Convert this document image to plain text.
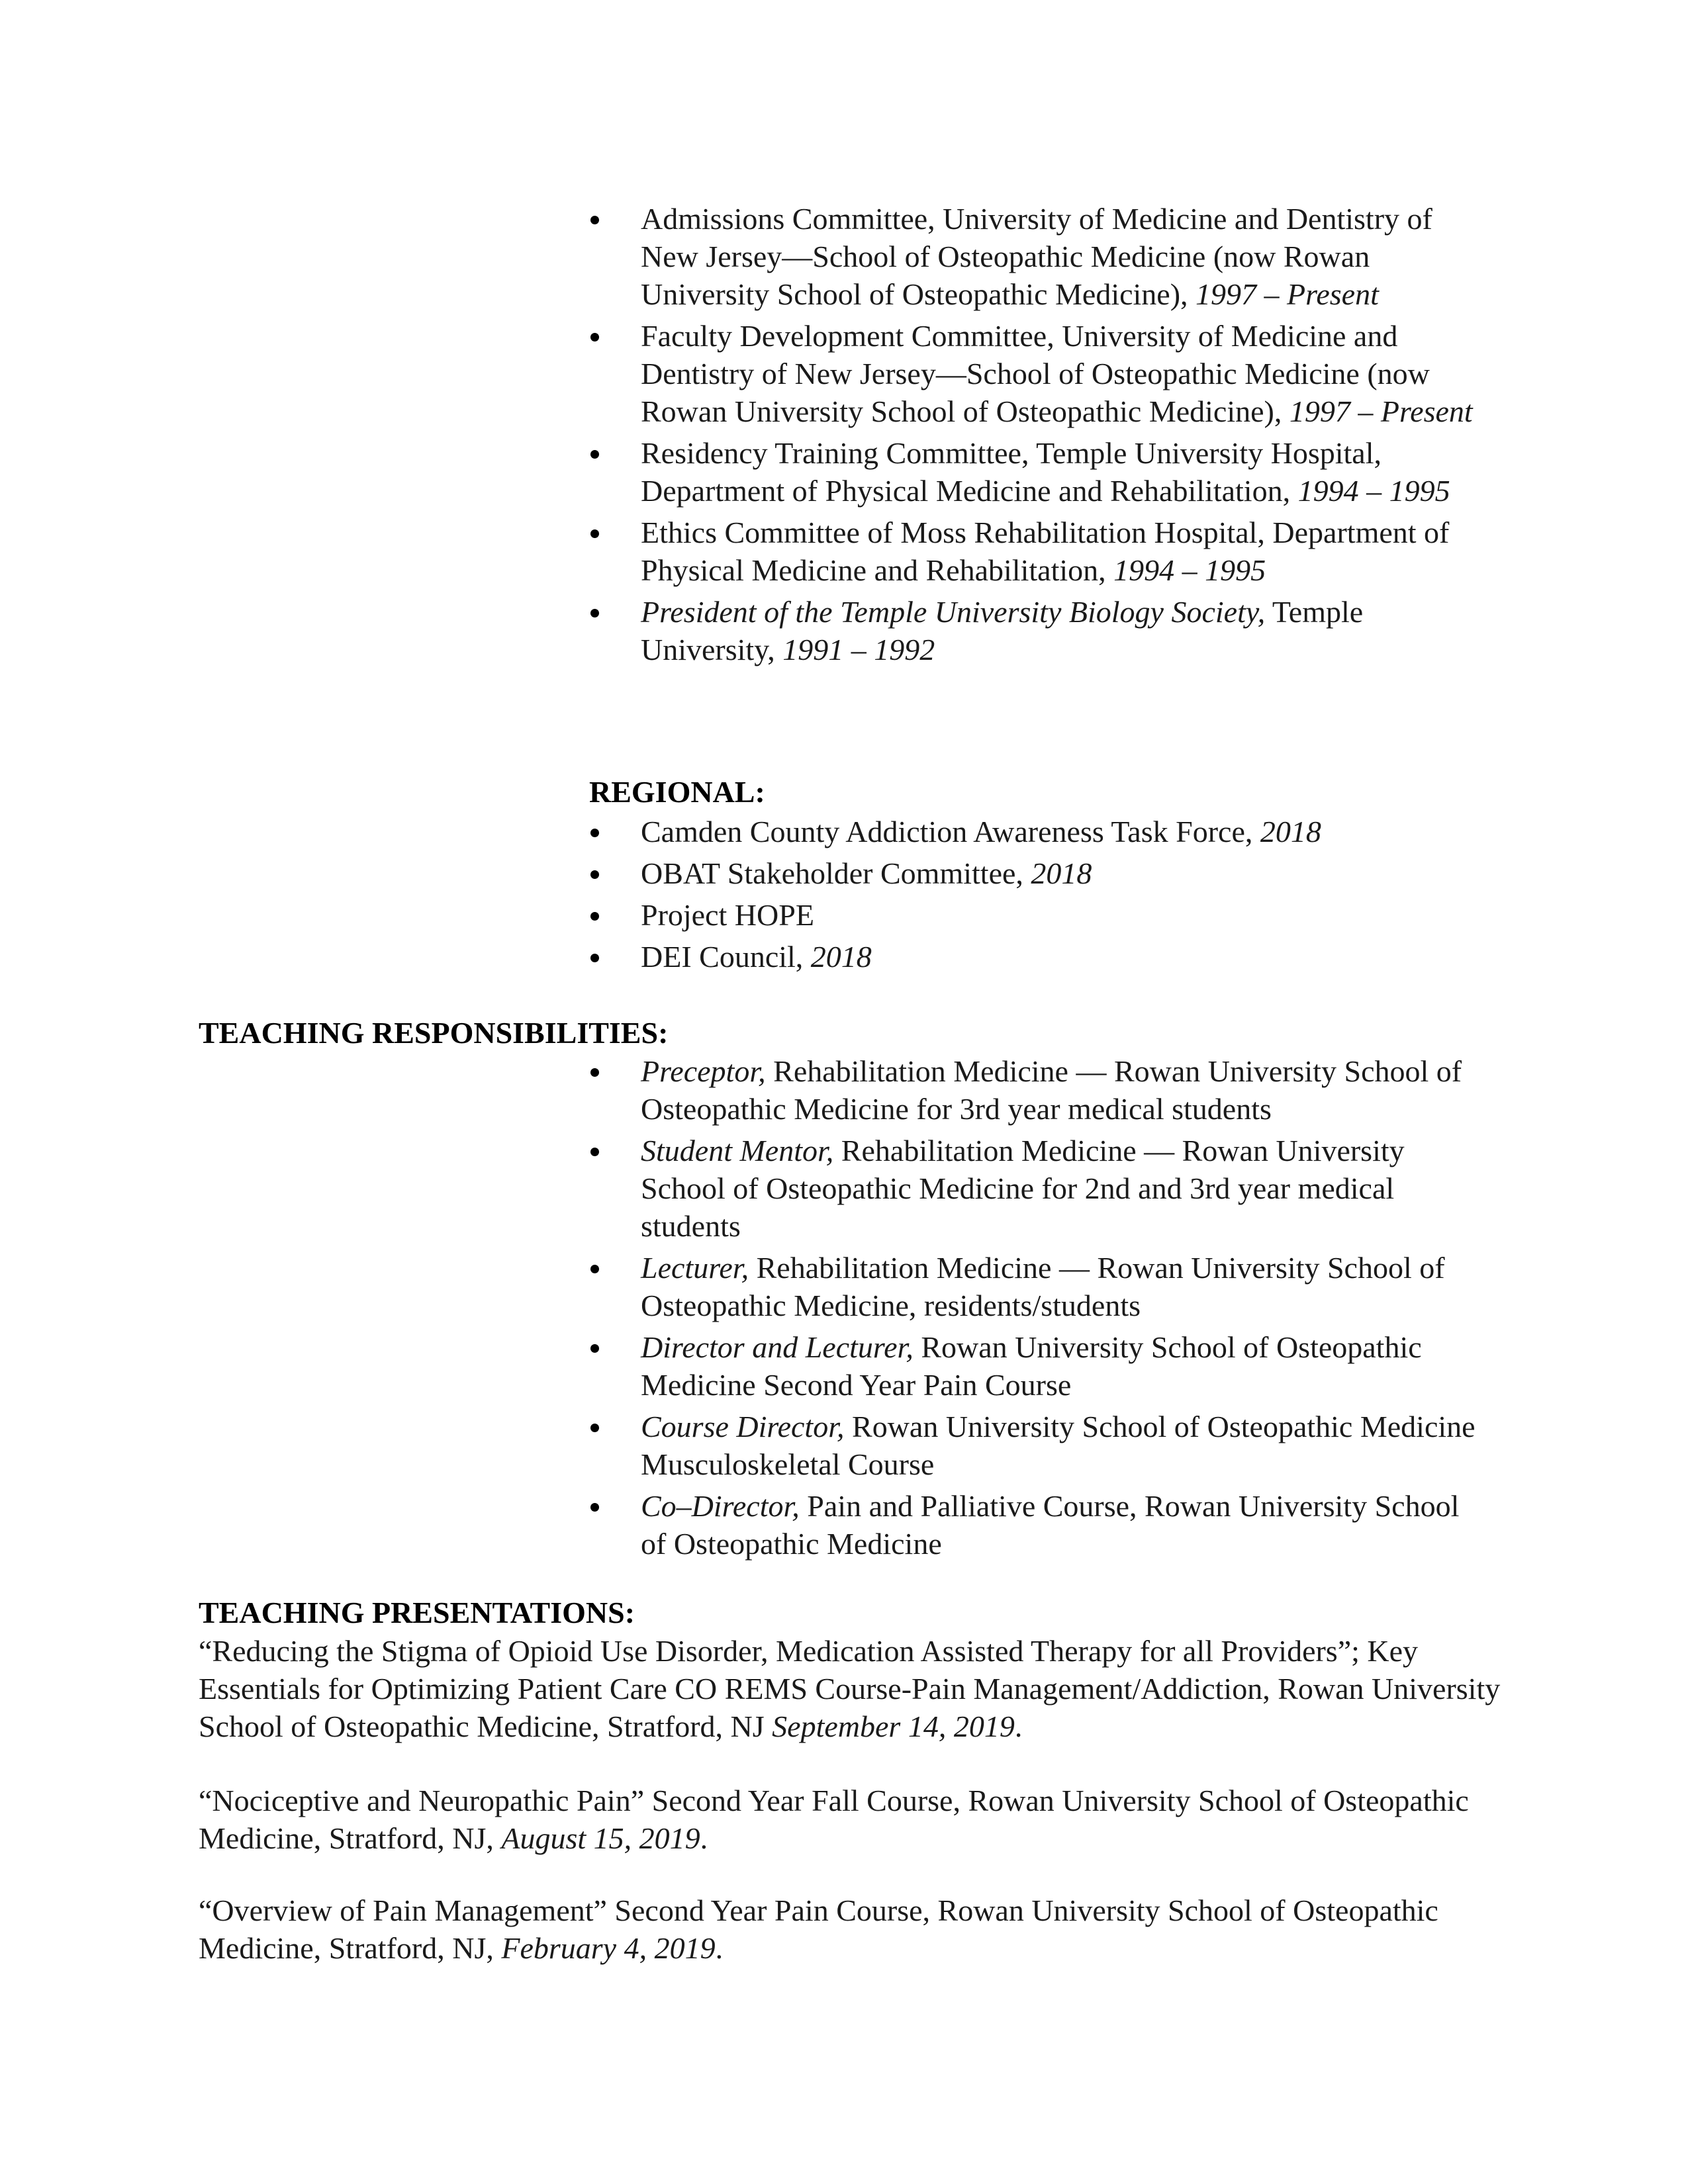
Admissions Committee, University of Medicine and Dentistry of New Jersey—School of Osteopathic Medicine (now Rowan University School of Osteopathic Medicine), 1997 – Present
Faculty Development Committee, University of Medicine and Dentistry of New Jersey—School of Osteopathic Medicine (now Rowan University School of Osteopathic Medicine), 1997 – Present
Residency Training Committee, Temple University Hospital, Department of Physical Medicine and Rehabilitation, 1994 – 1995
Ethics Committee of Moss Rehabilitation Hospital, Department of Physical Medicine and Rehabilitation, 1994 – 1995
President of the Temple University Biology Society, Temple University, 1991 – 1992
REGIONAL:
Camden County Addiction Awareness Task Force, 2018
OBAT Stakeholder Committee, 2018
Project HOPE
DEI Council, 2018
TEACHING RESPONSIBILITIES:
Preceptor, Rehabilitation Medicine — Rowan University School of Osteopathic Medicine for 3rd year medical students
Student Mentor, Rehabilitation Medicine — Rowan University School of Osteopathic Medicine for 2nd and 3rd year medical students
Lecturer, Rehabilitation Medicine — Rowan University School of Osteopathic Medicine, residents/students
Director and Lecturer, Rowan University School of Osteopathic Medicine Second Year Pain Course
Course Director, Rowan University School of Osteopathic Medicine Musculoskeletal Course
Co–Director, Pain and Palliative Course, Rowan University School of Osteopathic Medicine
TEACHING PRESENTATIONS:

“Reducing the Stigma of Opioid Use Disorder, Medication Assisted Therapy for all Providers”; Key Essentials for Optimizing Patient Care CO REMS Course-Pain Management/Addiction, Rowan University School of Osteopathic Medicine, Stratford, NJ September 14, 2019.

“Nociceptive and Neuropathic Pain” Second Year Fall Course, Rowan University School of Osteopathic Medicine, Stratford, NJ, August 15, 2019.

“Overview of Pain Management” Second Year Pain Course, Rowan University School of Osteopathic Medicine, Stratford, NJ, February 4, 2019.
